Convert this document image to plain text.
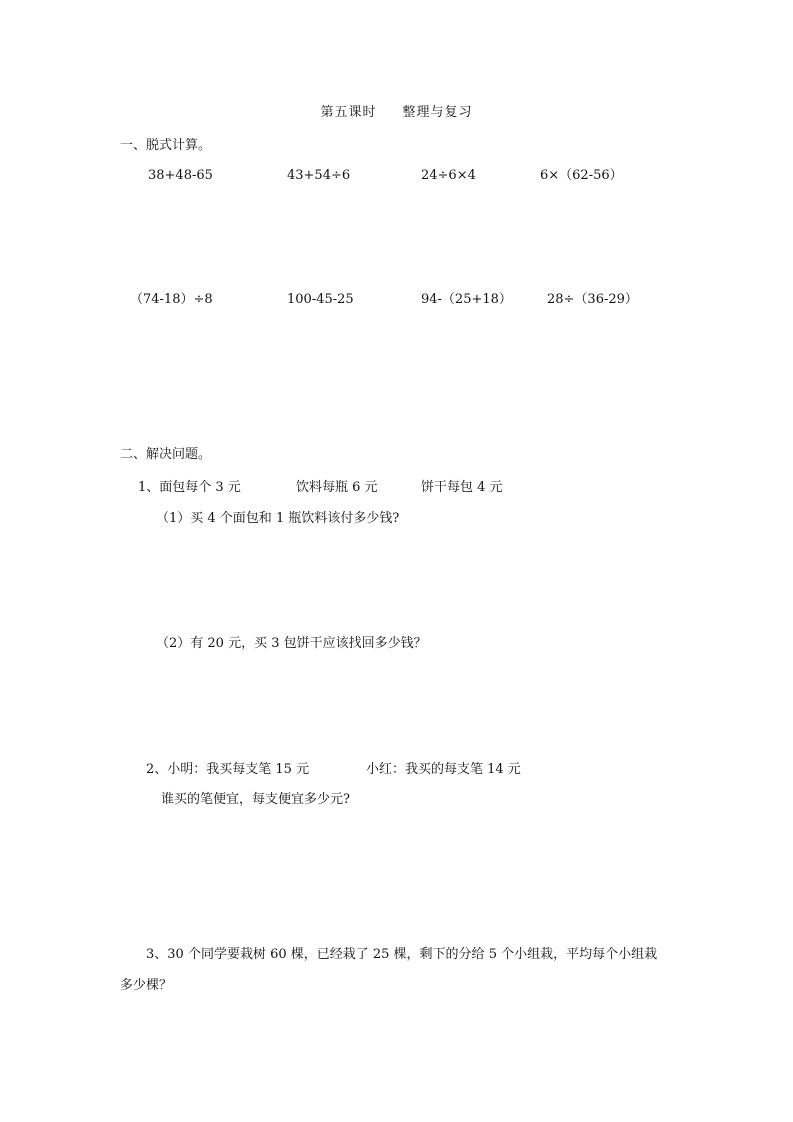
第五课时 整理与复习
一、脱式计算。
38+48-65	43+54÷6	24÷6×4	6×（62-56）
（74-18）÷8	100-45-25	94-（25+18）	28÷（36-29）
二、解决问题。
1、面包每个 3 元	饮料每瓶 6 元	饼干每包 4 元
（1）买 4 个面包和 1 瓶饮料该付多少钱?
（2）有 20 元，买 3 包饼干应该找回多少钱？
2、小明：我买每支笔 15 元	小红：我买的每支笔 14 元
谁买的笔便宜，每支便宜多少元?
3、30 个同学要栽树 60 棵，已经栽了 25 棵，剩下的分给 5 个小组栽，平均每个小组栽
多少棵？
